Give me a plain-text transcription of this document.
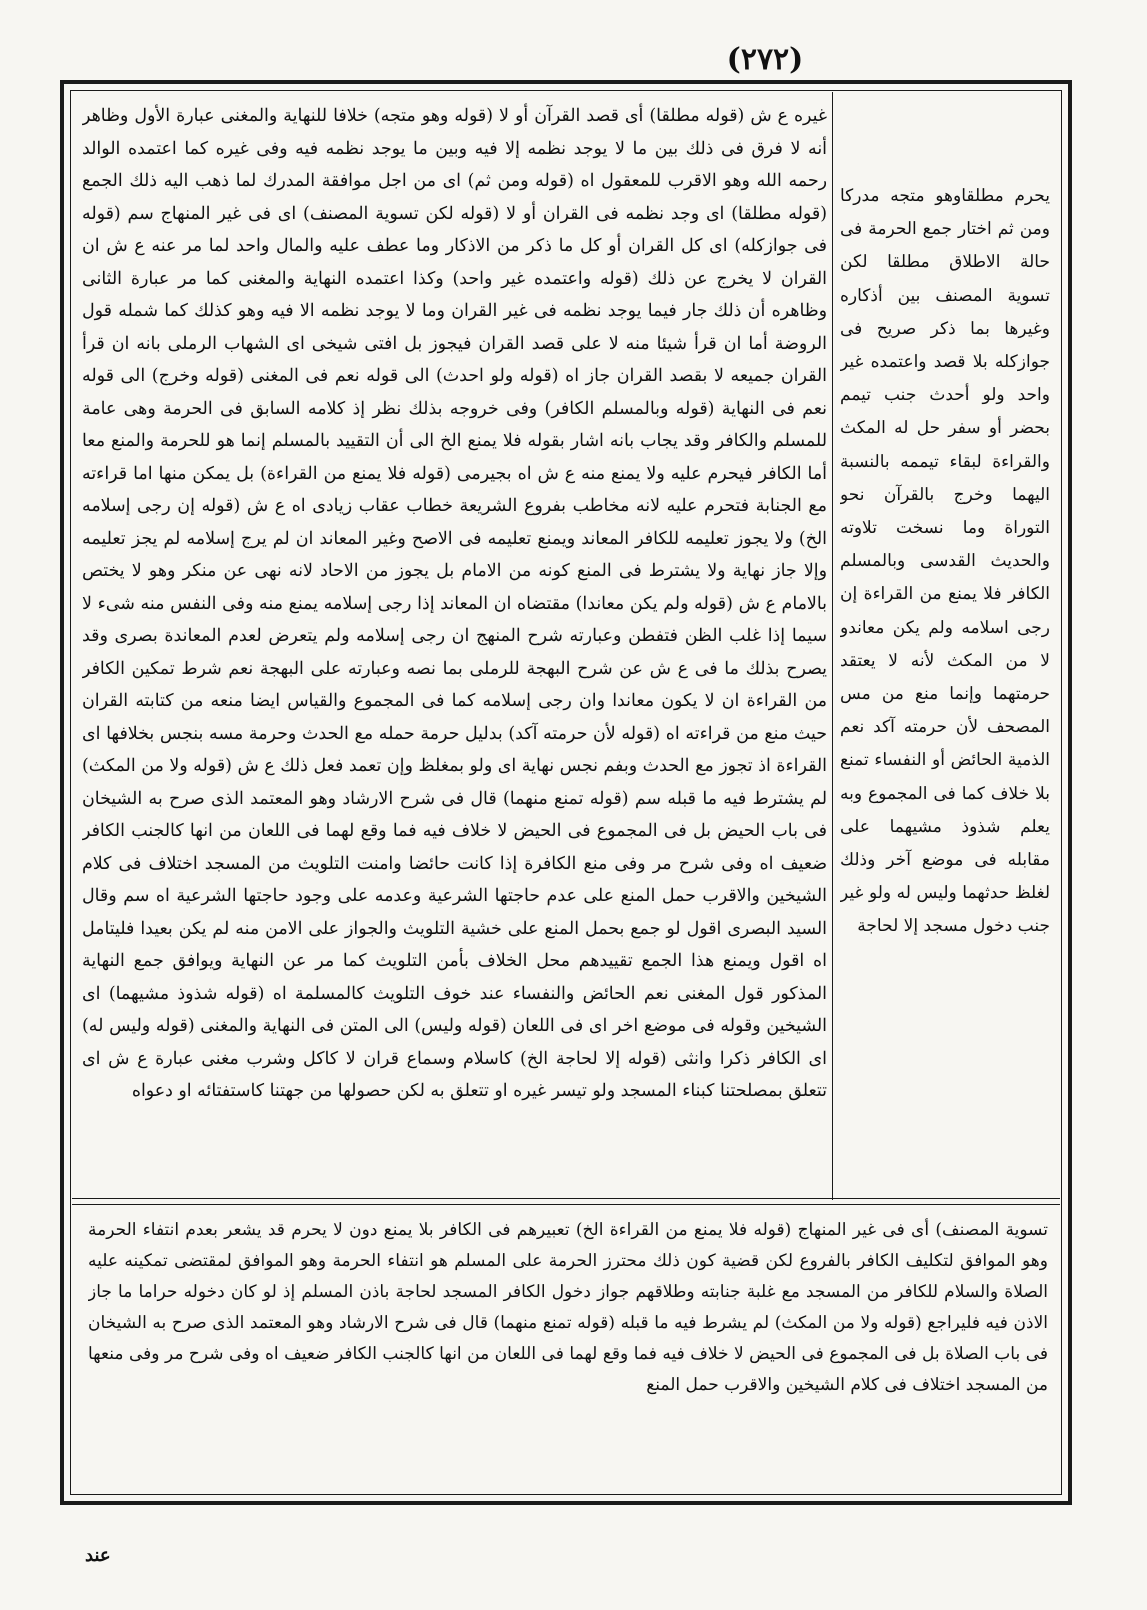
(۲۷۲)

غيره ع ش (قوله مطلقا) أى قصد القرآن أو لا (قوله وهو متجه) خلافا للنهاية والمغنى عبارة الأول وظاهر أنه لا فرق فى ذلك بين ما لا يوجد نظمه إلا فيه وبين ما يوجد نظمه فيه وفى غيره كما اعتمده الوالد رحمه الله وهو الاقرب للمعقول اه (قوله ومن ثم) اى من اجل موافقة المدرك لما ذهب اليه ذلك الجمع (قوله مطلقا) اى وجد نظمه فى القران أو لا (قوله لكن تسوية المصنف) اى فى غير المنهاج سم (قوله فى جوازكله) اى كل القران أو كل ما ذكر من الاذكار وما عطف عليه والمال واحد لما مر عنه ع ش ان القران لا يخرج عن ذلك (قوله واعتمده غير واحد) وكذا اعتمده النهاية والمغنى كما مر عبارة الثانى وظاهره أن ذلك جار فيما يوجد نظمه فى غير القران وما لا يوجد نظمه الا فيه وهو كذلك كما شمله قول الروضة أما ان قرأ شيئا منه لا على قصد القران فيجوز بل افتى شيخى اى الشهاب الرملى بانه ان قرأ القران جميعه لا بقصد القران جاز اه (قوله ولو احدث) الى قوله نعم فى المغنى (قوله وخرج) الى قوله نعم فى النهاية (قوله وبالمسلم الكافر) وفى خروجه بذلك نظر إذ كلامه السابق فى الحرمة وهى عامة للمسلم والكافر وقد يجاب بانه اشار بقوله فلا يمنع الخ الى أن التقييد بالمسلم إنما هو للحرمة والمنع معا أما الكافر فيحرم عليه ولا يمنع منه ع ش اه بجيرمى (قوله فلا يمنع من القراءة) بل يمكن منها اما قراءته مع الجنابة فتحرم عليه لانه مخاطب بفروع الشريعة خطاب عقاب زيادى اه ع ش (قوله إن رجى إسلامه الخ) ولا يجوز تعليمه للكافر المعاند ويمنع تعليمه فى الاصح وغير المعاند ان لم يرج إسلامه لم يجز تعليمه وإلا جاز نهاية ولا يشترط فى المنع كونه من الامام بل يجوز من الاحاد لانه نهى عن منكر وهو لا يختص بالامام ع ش (قوله ولم يكن معاندا) مقتضاه ان المعاند إذا رجى إسلامه يمنع منه وفى النفس منه شىء لا سيما إذا غلب الظن فتفطن وعبارته شرح المنهج ان رجى إسلامه ولم يتعرض لعدم المعاندة بصرى وقد يصرح بذلك ما فى ع ش عن شرح البهجة للرملى بما نصه وعبارته على البهجة نعم شرط تمكين الكافر من القراءة ان لا يكون معاندا وان رجى إسلامه كما فى المجموع والقياس ايضا منعه من كتابته القران حيث منع من قراءته اه (قوله لأن حرمته آكد) بدليل حرمة حمله مع الحدث وحرمة مسه بنجس بخلافها اى القراءة اذ تجوز مع الحدث وبفم نجس نهاية اى ولو بمغلظ وإن تعمد فعل ذلك ع ش (قوله ولا من المكث) لم يشترط فيه ما قبله سم (قوله تمنع منهما) قال فى شرح الارشاد وهو المعتمد الذى صرح به الشيخان فى باب الحيض بل فى المجموع فى الحيض لا خلاف فيه فما وقع لهما فى اللعان من انها كالجنب الكافر ضعيف اه وفى شرح مر وفى منع الكافرة إذا كانت حائضا وامنت التلويث من المسجد اختلاف فى كلام الشيخين والاقرب حمل المنع على عدم حاجتها الشرعية وعدمه على وجود حاجتها الشرعية اه سم وقال السيد البصرى اقول لو جمع بحمل المنع على خشية التلويث والجواز على الامن منه لم يكن بعيدا فليتامل اه اقول ويمنع هذا الجمع تقييدهم محل الخلاف بأمن التلويث كما مر عن النهاية ويوافق جمع النهاية المذكور قول المغنى نعم الحائض والنفساء عند خوف التلويث كالمسلمة اه (قوله شذوذ مشيهما) اى الشيخين وقوله فى موضع اخر اى فى اللعان (قوله وليس) الى المتن فى النهاية والمغنى (قوله وليس له) اى الكافر ذكرا وانثى (قوله إلا لحاجة الخ) كاسلام وسماع قران لا كاكل وشرب مغنى عبارة ع ش اى تتعلق بمصلحتنا كبناء المسجد ولو تيسر غيره او تتعلق به لكن حصولها من جهتنا كاستفتائه او دعواه

يحرم مطلقاوهو متجه مدركا ومن ثم اختار جمع الحرمة فى حالة الاطلاق مطلقا لكن تسوية المصنف بين أذكاره وغيرها بما ذكر صريح فى جوازكله بلا قصد واعتمده غير واحد ولو أحدث جنب تيمم بحضر أو سفر حل له المكث والقراءة لبقاء تيممه بالنسبة اليهما وخرج بالقرآن نحو التوراة وما نسخت تلاوته والحديث القدسى وبالمسلم الكافر فلا يمنع من القراءة إن رجى اسلامه ولم يكن معاندو لا من المكث لأنه لا يعتقد حرمتهما وإنما منع من مس المصحف لأن حرمته آكد نعم الذمية الحائض أو النفساء تمنع بلا خلاف كما فى المجموع وبه يعلم شذوذ مشيهما على مقابله فى موضع آخر وذلك لغلظ حدثهما وليس له ولو غير جنب دخول مسجد إلا لحاجة

تسوية المصنف) أى فى غير المنهاج (قوله فلا يمنع من القراءة الخ) تعبيرهم فى الكافر بلا يمنع دون لا يحرم قد يشعر بعدم انتفاء الحرمة وهو الموافق لتكليف الكافر بالفروع لكن قضية كون ذلك محترز الحرمة على المسلم هو انتفاء الحرمة وهو الموافق لمقتضى تمكينه عليه الصلاة والسلام للكافر من المسجد مع غلبة جنابته وطلاقهم جواز دخول الكافر المسجد لحاجة باذن المسلم إذ لو كان دخوله حراما ما جاز الاذن فيه فليراجع (قوله ولا من المكث) لم يشرط فيه ما قبله (قوله تمنع منهما) قال فى شرح الارشاد وهو المعتمد الذى صرح به الشيخان فى باب الصلاة بل فى المجموع فى الحيض لا خلاف فيه فما وقع لهما فى اللعان من انها كالجنب الكافر ضعيف اه وفى شرح مر وفى منعها من المسجد اختلاف فى كلام الشيخين والاقرب حمل المنع

عند
